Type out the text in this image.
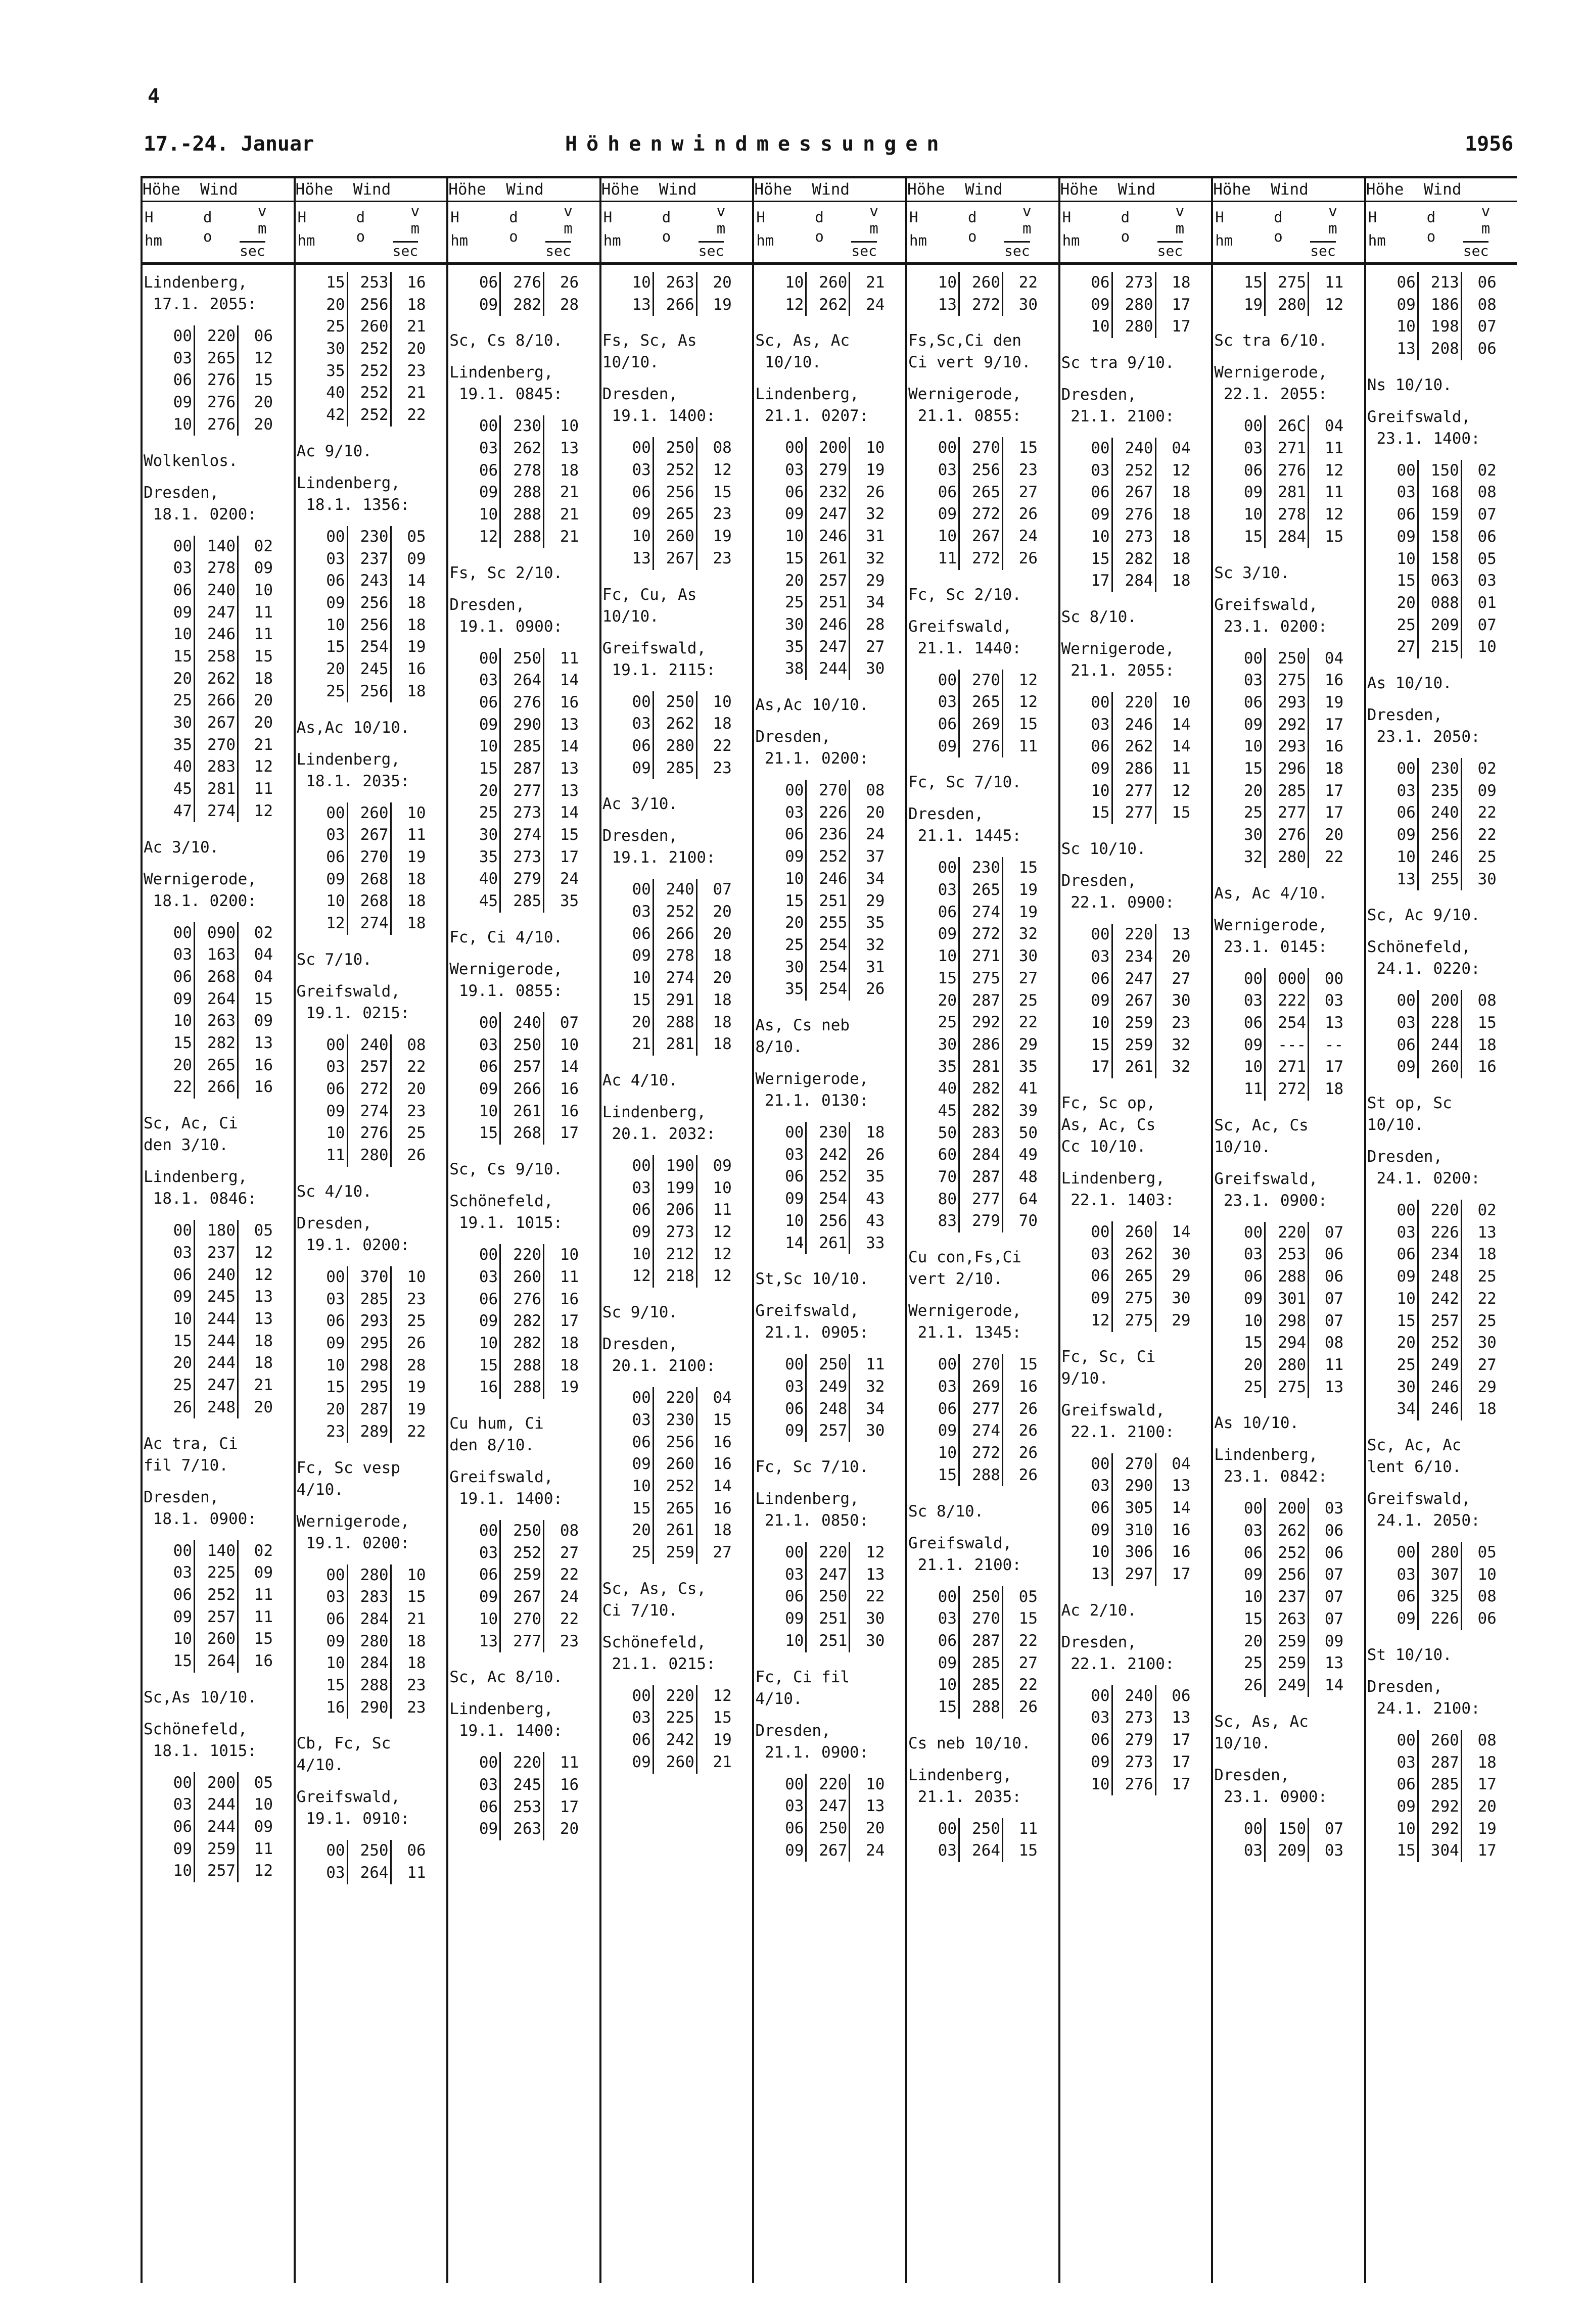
4
17.-24. Januar	Höhenwindmessungen	1956
Höhe Wind
H
hm
d
o
v
m
sec
Lindenberg,
17.1. 2055:
00 220	06
03 265	12
06 276	15
09 276	20
10 276	20
Wolkenlos.
Dresden,
18.1. 0200:
00 140	02
03 278	09
06 240	10
09 247	11
10 246	11
15 258	15
20 262	18
25 266	20
30 267	20
35 270	21
40 283	12
45 281	11
47 274	12
Ac 3/10.
Wernigerode,
18.1. 0200:
00 090	02
03 163	04
06 268	04
09 264	15
10 263	09
15 282	13
20 265	16
22 266	16
Sc, Ac, Ci
den 3/10.
Lindenberg,
18.1. 0846:
00 180	05
03 237	12
06 240	12
09 245	13
10 244	13
15 244	18
20 244	18
25 247	21
26 248	20
Ac tra, Ci
fil 7/10.
Dresden,
18.1. 0900:
00 140	02
03 225	09
06 252	11
09 257	11
10 260	15
15 264	16
Sc,As 10/10.
Schönefeld,
18.1. 1015:
00 200	05
03 244	10
06 244	09
09 259	11
10 257	12
Höhe Wind
H
hm
d
o
v
m
sec
15 253	16
20 256	18
25 260	21
30 252	20
35 252	23
40 252	21
42 252	22
Ac 9/10.
Lindenberg,
18.1. 1356:
00 230	05
03 237	09
06 243	14
09 256	18
10 256	18
15 254	19
20 245	16
25 256	18
As,Ac 10/10.
Lindenberg,
18.1. 2035:
00 260	10
03 267	11
06 270	19
09 268	18
10 268	18
12 274	18
Sc 7/10.
Greifswald,
19.1. 0215:
00 240	08
03 257	22
06 272	20
09 274	23
10 276	25
11 280	26
Sc 4/10.
Dresden,
19.1. 0200:
00 370	10
03 285	23
06 293	25
09 295	26
10 298	28
15 295	19
20 287	19
23 289	22
Fc, Sc vesp
4/10.
Wernigerode,
19.1. 0200:
00 280	10
03 283	15
06 284	21
09 280	18
10 284	18
15 288	23
16 290	23
Cb, Fc, Sc
4/10.
Greifswald,
19.1. 0910:
00 250	06
03 264	11
Höhe Wind
H
hm
d
o
v
m
sec
06 276	26
09 282	28
Sc, Cs 8/10.
Lindenberg,
19.1. 0845:
00 230	10
03 262	13
06 278	18
09 288	21
10 288	21
12 288	21
Fs, Sc 2/10.
Dresden,
19.1. 0900:
00 250	11
03 264	14
06 276	16
09 290	13
10 285	14
15 287	13
20 277	13
25 273	14
30 274	15
35 273	17
40 279	24
45 285	35
Fc, Ci 4/10.
Wernigerode,
19.1. 0855:
00 240	07
03 250	10
06 257	14
09 266	16
10 261	16
15 268	17
Sc, Cs 9/10.
Schönefeld,
19.1. 1015:
00 220	10
03 260	11
06 276	16
09 282	17
10 282	18
15 288	18
16 288	19
Cu hum, Ci
den 8/10.
Greifswald,
19.1. 1400:
00 250	08
03 252	27
06 259	22
09 267	24
10 270	22
13 277	23
Sc, Ac 8/10.
Lindenberg,
19.1. 1400:
00 220	11
03 245	16
06 253	17
09 263	20
Höhe Wind
H
hm
d
o
v
m
sec
10 263	20
13 266	19
Fs, Sc, As
10/10.
Dresden,
19.1. 1400:
00 250	08
03 252	12
06 256	15
09 265	23
10 260	19
13 267	23
Fc, Cu, As
10/10.
Greifswald,
19.1. 2115:
00 250	10
03 262	18
06 280	22
09 285	23
Ac 3/10.
Dresden,
19.1. 2100:
00 240	07
03 252	20
06 266	20
09 278	18
10 274	20
15 291	18
20 288	18
21 281	18
Ac 4/10.
Lindenberg,
20.1. 2032:
00 190	09
03 199	10
06 206	11
09 273	12
10 212	12
12 218	12
Sc 9/10.
Dresden,
20.1. 2100:
00 220	04
03 230	15
06 256	16
09 260	16
10 252	14
15 265	16
20 261	18
25 259	27
Sc, As, Cs,
Ci 7/10.
Schönefeld,
21.1. 0215:
00 220	12
03 225	15
06 242	19
09 260	21
Höhe Wind
H
hm
d
o
v
m
sec
10 260	21
12 262	24
Sc, As, Ac
10/10.
Lindenberg,
21.1. 0207:
00 200	10
03 279	19
06 232	26
09 247	32
10 246	31
15 261	32
20 257	29
25 251	34
30 246	28
35 247	27
38 244	30
As,Ac 10/10.
Dresden,
21.1. 0200:
00 270	08
03 226	20
06 236	24
09 252	37
10 246	34
15 251	29
20 255	35
25 254	32
30 254	31
35 254	26
As, Cs neb
8/10.
Wernigerode,
21.1. 0130:
00 230	18
03 242	26
06 252	35
09 254	43
10 256	43
14 261	33
St,Sc 10/10.
Greifswald,
21.1. 0905:
00 250	11
03 249	32
06 248	34
09 257	30
Fc, Sc 7/10.
Lindenberg,
21.1. 0850:
00 220	12
03 247	13
06 250	22
09 251	30
10 251	30
Fc, Ci fil
4/10.
Dresden,
21.1. 0900:
00 220	10
03 247	13
06 250	20
09 267	24
Höhe Wind
H
hm
d
o
v
m
sec
10 260	22
13 272	30
Fs,Sc,Ci den
Ci vert 9/10.
Wernigerode,
21.1. 0855:
00 270	15
03 256	23
06 265	27
09 272	26
10 267	24
11 272	26
Fc, Sc 2/10.
Greifswald,
21.1. 1440:
00 270	12
03 265	12
06 269	15
09 276	11
Fc, Sc 7/10.
Dresden,
21.1. 1445:
00 230	15
03 265	19
06 274	19
09 272	32
10 271	30
15 275	27
20 287	25
25 292	22
30 286	29
35 281	35
40 282	41
45 282	39
50 283	50
60 284	49
70 287	48
80 277	64
83 279	70
Cu con,Fs,Ci
vert 2/10.
Wernigerode,
21.1. 1345:
00 270	15
03 269	16
06 277	26
09 274	26
10 272	26
15 288	26
Sc 8/10.
Greifswald,
21.1. 2100:
00 250	05
03 270	15
06 287	22
09 285	27
10 285	22
15 288	26
Cs neb 10/10.
Lindenberg,
21.1. 2035:
00 250	11
03 264	15
Höhe Wind
H
hm
d
o
v
m
sec
06 273	18
09 280	17
10 280	17
Sc tra 9/10.
Dresden,
21.1. 2100:
00 240	04
03 252	12
06 267	18
09 276	18
10 273	18
15 282	18
17 284	18
Sc 8/10.
Wernigerode,
21.1. 2055:
00 220	10
03 246	14
06 262	14
09 286	11
10 277	12
15 277	15
Sc 10/10.
Dresden,
22.1. 0900:
00 220	13
03 234	20
06 247	27
09 267	30
10 259	23
15 259	32
17 261	32
Fc, Sc op,
As, Ac, Cs
Cc 10/10.
Lindenberg,
22.1. 1403:
00 260	14
03 262	30
06 265	29
09 275	30
12 275	29
Fc, Sc, Ci
9/10.
Greifswald,
22.1. 2100:
00 270	04
03 290	13
06 305	14
09 310	16
10 306	16
13 297	17
Ac 2/10.
Dresden,
22.1. 2100:
00 240	06
03 273	13
06 279	17
09 273	17
10 276	17
Höhe Wind
H
hm
d
o
v
m
sec
15 275	11
19 280	12
Sc tra 6/10.
Wernigerode,
22.1. 2055:
00 26C	04
03 271	11
06 276	12
09 281	11
10 278	12
15 284	15
Sc 3/10.
Greifswald,
23.1. 0200:
00 250	04
03 275	16
06 293	19
09 292	17
10 293	16
15 296	18
20 285	17
25 277	17
30 276	20
32 280	22
As, Ac 4/10.
Wernigerode,
23.1. 0145:
00 000	00
03 222	03
06 254	13
09 ---	--
10 271	17
11 272	18
Sc, Ac, Cs
10/10.
Greifswald,
23.1. 0900:
00 220	07
03 253	06
06 288	06
09 301	07
10 298	07
15 294	08
20 280	11
25 275	13
As 10/10.
Lindenberg,
23.1. 0842:
00 200	03
03 262	06
06 252	06
09 256	07
10 237	07
15 263	07
20 259	09
25 259	13
26 249	14
Sc, As, Ac
10/10.
Dresden,
23.1. 0900:
00 150	07
03 209	03
Höhe Wind
H
hm
d
o
v
m
sec
06 213	06
09 186	08
10 198	07
13 208	06
Ns 10/10.
Greifswald,
23.1. 1400:
00 150	02
03 168	08
06 159	07
09 158	06
10 158	05
15 063	03
20 088	01
25 209	07
27 215	10
As 10/10.
Dresden,
23.1. 2050:
00 230	02
03 235	09
06 240	22
09 256	22
10 246	25
13 255	30
Sc, Ac 9/10.
Schönefeld,
24.1. 0220:
00 200	08
03 228	15
06 244	18
09 260	16
St op, Sc
10/10.
Dresden,
24.1. 0200:
00 220	02
03 226	13
06 234	18
09 248	25
10 242	22
15 257	25
20 252	30
25 249	27
30 246	29
34 246	18
Sc, Ac, Ac
lent 6/10.
Greifswald,
24.1. 2050:
00 280	05
03 307	10
06 325	08
09 226	06
St 10/10.
Dresden,
24.1. 2100:
00 260	08
03 287	18
06 285	17
09 292	20
10 292	19
15 304	17
